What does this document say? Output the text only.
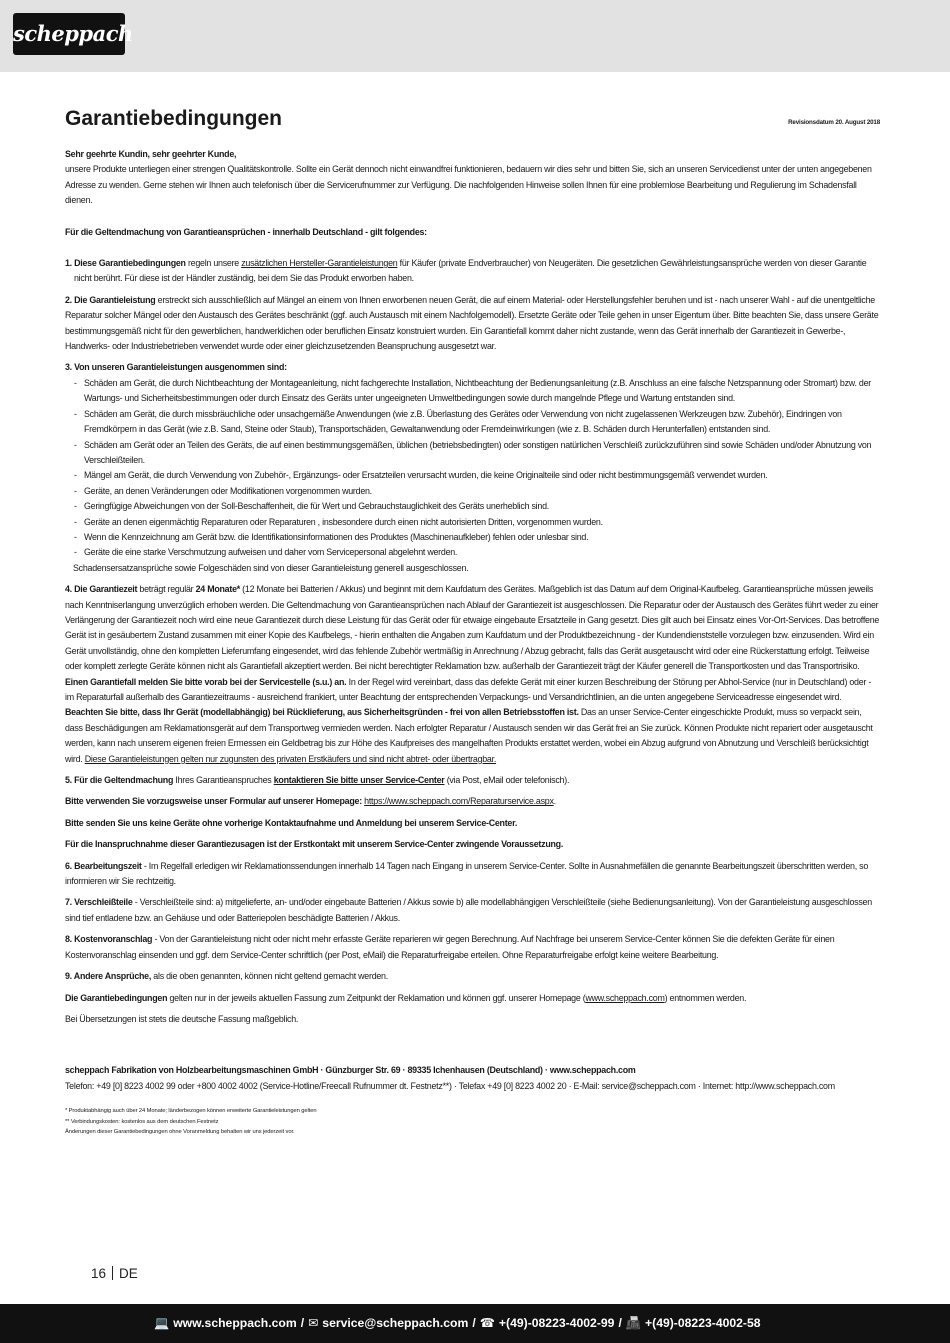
scheppach
Garantiebedingungen	Revisionsdatum 20. August 2018

Sehr geehrte Kundin, sehr geehrter Kunde,

unsere Produkte unterliegen einer strengen Qualitätskontrolle. Sollte ein Gerät dennoch nicht einwandfrei funktionieren, bedauern wir dies sehr und bitten Sie, sich an unseren Servicedienst unter der unten angegebenen Adresse zu wenden. Gerne stehen wir Ihnen auch telefonisch über die Servicerufnummer zur Verfügung. Die nachfolgenden Hinweise sollen Ihnen für eine problemlose Bearbeitung und Regulierung im Schadensfall dienen.

Für die Geltendmachung von Garantieansprüchen - innerhalb Deutschland - gilt folgendes:

1. Diese Garantiebedingungen regeln unsere zusätzlichen Hersteller-Garantieleistungen für Käufer (private Endverbraucher) von Neugeräten. Die gesetzlichen Gewährleistungsansprüche werden von dieser Garantie nicht berührt. Für diese ist der Händler zuständig, bei dem Sie das Produkt erworben haben.

2. Die Garantieleistung erstreckt sich ausschließlich auf Mängel an einem von Ihnen erworbenen neuen Gerät, die auf einem Material- oder Herstellungsfehler beruhen und ist - nach unserer Wahl - auf die unentgeltliche Reparatur solcher Mängel oder den Austausch des Gerätes beschränkt (ggf. auch Austausch mit einem Nachfolgemodell). Ersetzte Geräte oder Teile gehen in unser Eigentum über. Bitte beachten Sie, dass unsere Geräte bestimmungsgemäß nicht für den gewerblichen, handwerklichen oder beruflichen Einsatz konstruiert wurden. Ein Garantiefall kommt daher nicht zustande, wenn das Gerät innerhalb der Garantiezeit in Gewerbe-, Handwerks- oder Industriebetrieben verwendet wurde oder einer gleichzusetzenden Beanspruchung ausgesetzt war.

3. Von unseren Garantieleistungen ausgenommen sind:

- Schäden am Gerät, die durch Nichtbeachtung der Montageanleitung, nicht fachgerechte Installation, Nichtbeachtung der Bedienungsanleitung (z.B. Anschluss an eine falsche Netzspannung oder Stromart) bzw. der Wartungs- und Sicherheitsbestimmungen oder durch Einsatz des Geräts unter ungeeigneten Umweltbedingungen sowie durch mangelnde Pflege und Wartung entstanden sind.
- Schäden am Gerät, die durch missbräuchliche oder unsachgemäße Anwendungen (wie z.B. Überlastung des Gerätes oder Verwendung von nicht zugelassenen Werkzeugen bzw. Zubehör), Eindringen von Fremdkörpern in das Gerät (wie z.B. Sand, Steine oder Staub), Transportschäden, Gewaltanwendung oder Fremdeinwirkungen (wie z. B. Schäden durch Herunterfallen) entstanden sind.
- Schäden am Gerät oder an Teilen des Geräts, die auf einen bestimmungsgemäßen, üblichen (betriebsbedingten) oder sonstigen natürlichen Verschleiß zurückzuführen sind sowie Schäden und/oder Abnutzung von Verschleißteilen.
- Mängel am Gerät, die durch Verwendung von Zubehör-, Ergänzungs- oder Ersatzteilen verursacht wurden, die keine Originalteile sind oder nicht bestimmungsgemäß verwendet wurden.
- Geräte, an denen Veränderungen oder Modifikationen vorgenommen wurden.
- Geringfügige Abweichungen von der Soll-Beschaffenheit, die für Wert und Gebrauchstauglichkeit des Geräts unerheblich sind.
- Geräte an denen eigenmächtig Reparaturen oder Reparaturen , insbesondere durch einen nicht autorisierten Dritten, vorgenommen wurden.
- Wenn die Kennzeichnung am Gerät bzw. die Identifikationsinformationen des Produktes (Maschinenaufkleber) fehlen oder unlesbar sind.
- Geräte die eine starke Verschmutzung aufweisen und daher vom Servicepersonal abgelehnt werden.

Schadensersatzansprüche sowie Folgeschäden sind von dieser Garantieleistung generell ausgeschlossen.

4. Die Garantiezeit beträgt regulär 24 Monate* (12 Monate bei Batterien / Akkus) und beginnt mit dem Kaufdatum des Gerätes. Maßgeblich ist das Datum auf dem Original-Kaufbeleg. Garantieansprüche müssen jeweils nach Kenntniserlangung unverzüglich erhoben werden. Die Geltendmachung von Garantieansprüchen nach Ablauf der Garantiezeit ist ausgeschlossen. Die Reparatur oder der Austausch des Gerätes führt weder zu einer Verlängerung der Garantiezeit noch wird eine neue Garantiezeit durch diese Leistung für das Gerät oder für etwaige eingebaute Ersatzteile in Gang gesetzt. Dies gilt auch bei Einsatz eines Vor-Ort-Services. Das betroffene Gerät ist in gesäubertem Zustand zusammen mit einer Kopie des Kaufbelegs, - hierin enthalten die Angaben zum Kaufdatum und der Produktbezeichnung - der Kundendienststelle vorzulegen bzw. einzusenden. Wird ein Gerät unvollständig, ohne den kompletten Lieferumfang eingesendet, wird das fehlende Zubehör wertmäßig in Anrechnung / Abzug gebracht, falls das Gerät ausgetauscht wird oder eine Rückerstattung erfolgt. Teilweise oder komplett zerlegte Geräte können nicht als Garantiefall akzeptiert werden. Bei nicht berechtigter Reklamation bzw. außerhalb der Garantiezeit trägt der Käufer generell die Transportkosten und das Transportrisiko. Einen Garantiefall melden Sie bitte vorab bei der Servicestelle (s.u.) an. In der Regel wird vereinbart, dass das defekte Gerät mit einer kurzen Beschreibung der Störung per Abhol-Service (nur in Deutschland) oder - im Reparaturfall außerhalb des Garantiezeitraums - ausreichend frankiert, unter Beachtung der entsprechenden Verpackungs- und Versandrichtlinien, an die unten angegebene Serviceadresse eingesendet wird. Beachten Sie bitte, dass Ihr Gerät (modellabhängig) bei Rücklieferung, aus Sicherheitsgründen - frei von allen Betriebsstoffen ist. Das an unser Service-Center eingeschickte Produkt, muss so verpackt sein, dass Beschädigungen am Reklamationsgerät auf dem Transportweg vermieden werden. Nach erfolgter Reparatur / Austausch senden wir das Gerät frei an Sie zurück. Können Produkte nicht repariert oder ausgetauscht werden, kann nach unserem eigenen freien Ermessen ein Geldbetrag bis zur Höhe des Kaufpreises des mangelhaften Produkts erstattet werden, wobei ein Abzug aufgrund von Abnutzung und Verschleiß berücksichtigt wird. Diese Garantieleistungen gelten nur zugunsten des privaten Erstkäufers und sind nicht abtret- oder übertragbar.

5. Für die Geltendmachung Ihres Garantieanspruches kontaktieren Sie bitte unser Service-Center (via Post, eMail oder telefonisch).

Bitte verwenden Sie vorzugsweise unser Formular auf unserer Homepage: https://www.scheppach.com/Reparaturservice.aspx.

Bitte senden Sie uns keine Geräte ohne vorherige Kontaktaufnahme und Anmeldung bei unserem Service-Center.

Für die Inanspruchnahme dieser Garantiezusagen ist der Erstkontakt mit unserem Service-Center zwingende Voraussetzung.

6. Bearbeitungszeit - Im Regelfall erledigen wir Reklamationssendungen innerhalb 14 Tagen nach Eingang in unserem Service-Center. Sollte in Ausnahmefällen die genannte Bearbeitungszeit überschritten werden, so informieren wir Sie rechtzeitig.

7. Verschleißteile - Verschleißteile sind: a) mitgelieferte, an- und/oder eingebaute Batterien / Akkus sowie b) alle modellabhängigen Verschleißteile (siehe Bedienungsanleitung). Von der Garantieleistung ausgeschlossen sind tief entladene bzw. an Gehäuse und oder Batteriepolen beschädigte Batterien / Akkus.

8. Kostenvoranschlag - Von der Garantieleistung nicht oder nicht mehr erfasste Geräte reparieren wir gegen Berechnung. Auf Nachfrage bei unserem Service-Center können Sie die defekten Geräte für einen Kostenvoranschlag einsenden und ggf. dem Service-Center schriftlich (per Post, eMail) die Reparaturfreigabe erteilen. Ohne Reparaturfreigabe erfolgt keine weitere Bearbeitung.

9. Andere Ansprüche, als die oben genannten, können nicht geltend gemacht werden.

Die Garantiebedingungen gelten nur in der jeweils aktuellen Fassung zum Zeitpunkt der Reklamation und können ggf. unserer Homepage (www.scheppach.com) entnommen werden.

Bei Übersetzungen ist stets die deutsche Fassung maßgeblich.

scheppach Fabrikation von Holzbearbeitungsmaschinen GmbH · Günzburger Str. 69 · 89335 Ichenhausen (Deutschland) · www.scheppach.com

Telefon: +49 [0] 8223 4002 99 oder +800 4002 4002 (Service-Hotline/Freecall Rufnummer dt. Festnetz**) · Telefax +49 [0] 8223 4002 20 · E-Mail: service@scheppach.com · Internet: http://www.scheppach.com

* Produktabhängig auch über 24 Monate; länderbezogen können erweiterte Garantieleistungen gelten
** Verbindungskosten: kostenlos aus dem deutschen Festnetz
Änderungen dieser Garantiebedingungen ohne Voranmeldung behalten wir uns jederzeit vor.
16 DE
💻 www.scheppach.com / ✉ service@scheppach.com / ☎ +(49)-08223-4002-99 / 📠 +(49)-08223-4002-58
